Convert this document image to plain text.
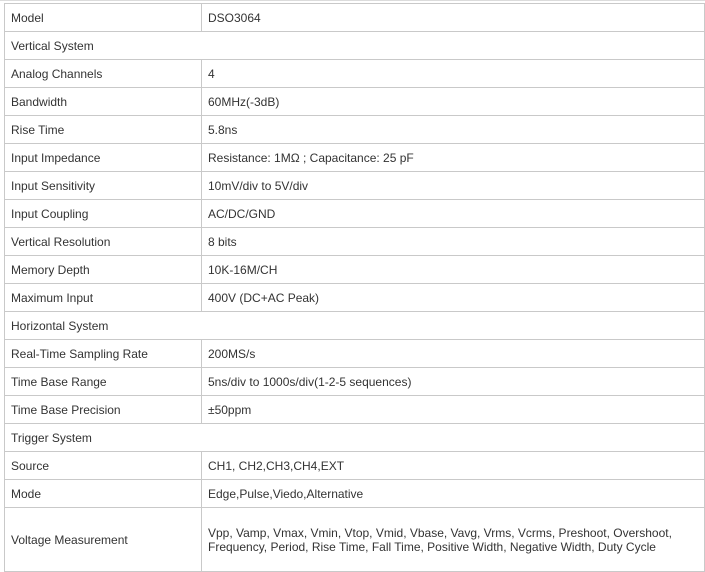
Model	DSO3064
Vertical System	
Analog Channels	4
Bandwidth	60MHz(-3dB)
Rise Time	5.8ns
Input Impedance	Resistance: 1MΩ ; Capacitance: 25 pF
Input Sensitivity	10mV/div to 5V/div
Input Coupling	AC/DC/GND
Vertical Resolution	8 bits
Memory Depth	10K-16M/CH
Maximum Input	400V (DC+AC Peak)
Horizontal System	
Real-Time Sampling Rate	200MS/s
Time Base Range	5ns/div to 1000s/div(1-2-5 sequences)
Time Base Precision	±50ppm
Trigger System	
Source	CH1, CH2,CH3,CH4,EXT
Mode	Edge,Pulse,Viedo,Alternative
Voltage Measurement	Vpp, Vamp, Vmax, Vmin, Vtop, Vmid, Vbase, Vavg, Vrms, Vcrms, Preshoot, Overshoot, Frequency, Period, Rise Time, Fall Time, Positive Width, Negative Width, Duty Cycle
